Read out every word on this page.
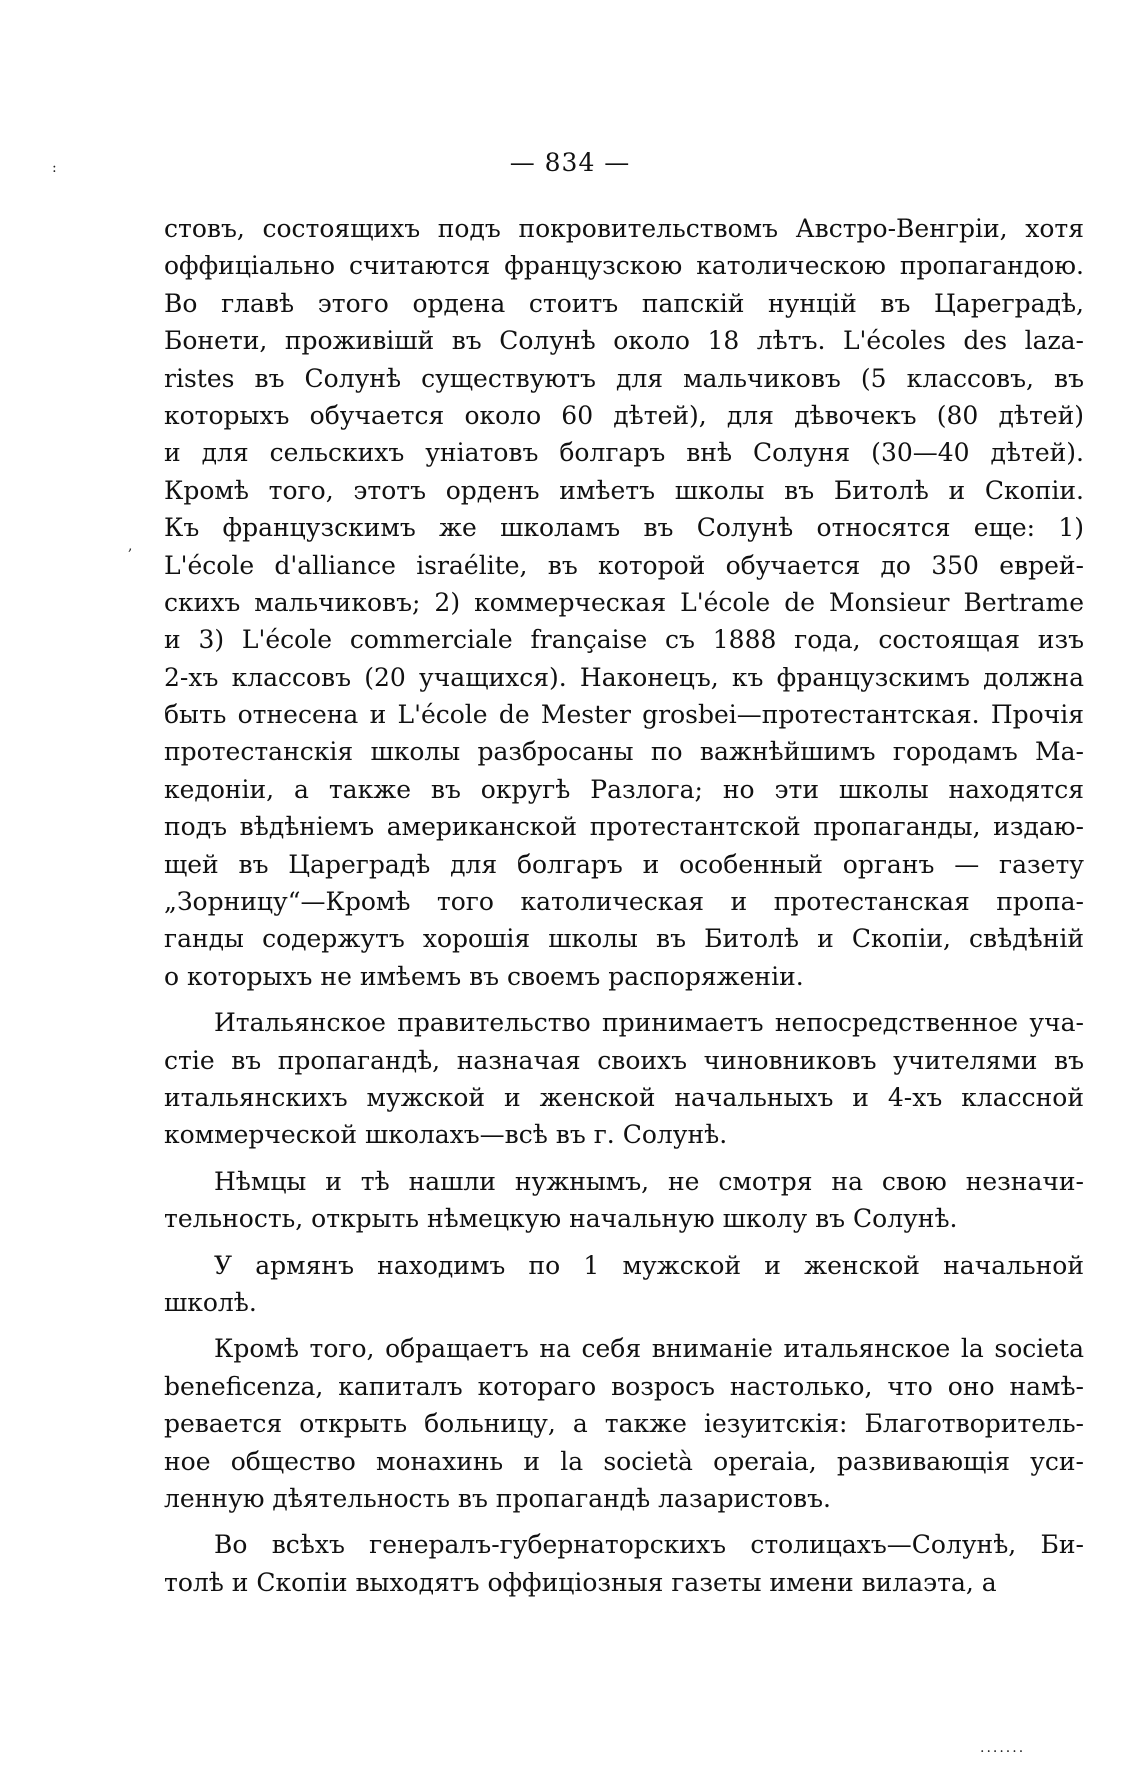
— 834 —
:
,
.......
стовъ, состоящихъ подъ покровительствомъ Австро-Венгріи, хотя
оффиціально считаются французскою католическою пропагандою.
Во главѣ этого ордена стоитъ папскій нунцій въ Цареградѣ,
Бонети, проживішй въ Солунѣ около 18 лѣтъ. L'écoles des laza-
ristes въ Солунѣ существуютъ для мальчиковъ (5 классовъ, въ
которыхъ обучается около 60 дѣтей), для дѣвочекъ (80 дѣтей)
и для сельскихъ уніатовъ болгаръ внѣ Солуня (30—40 дѣтей).
Кромѣ того, этотъ орденъ имѣетъ школы въ Битолѣ и Скопіи.
Къ французскимъ же школамъ въ Солунѣ относятся еще: 1)
L'école d'alliance israélite, въ которой обучается до 350 еврей-
скихъ мальчиковъ; 2) коммерческая L'école de Monsieur Bertrame
и 3) L'école commerciale française съ 1888 года, состоящая изъ
2-хъ классовъ (20 учащихся). Наконецъ, къ французскимъ должна
быть отнесена и L'école de Mester grosbei—протестантская. Прочія
протестанскія школы разбросаны по важнѣйшимъ городамъ Ма-
кедоніи, а также въ округѣ Разлога; но эти школы находятся
подъ вѣдѣніемъ американской протестантской пропаганды, издаю-
щей въ Цареградѣ для болгаръ и особенный органъ — газету
„Зорницу“—Кромѣ того католическая и протестанская пропа-
ганды содержутъ хорошія школы въ Битолѣ и Скопіи, свѣдѣній
о которыхъ не имѣемъ въ своемъ распоряженіи.
Итальянское правительство принимаетъ непосредственное уча-
стіе въ пропагандѣ, назначая своихъ чиновниковъ учителями въ
итальянскихъ мужской и женской начальныхъ и 4-хъ классной
коммерческой школахъ—всѣ въ г. Солунѣ.
Нѣмцы и тѣ нашли нужнымъ, не смотря на свою незначи-
тельность, открыть нѣмецкую начальную школу въ Солунѣ.
У армянъ находимъ по 1 мужской и женской начальной
школѣ.
Кромѣ того, обращаетъ на себя вниманіе итальянское la societa
beneficenza, капиталъ котораго возросъ настолько, что оно намѣ-
ревается открыть больницу, а также іезуитскія: Благотворитель-
ное общество монахинь и la società operaia, развивающія уси-
ленную дѣятельность въ пропагандѣ лазаристовъ.
Во всѣхъ генералъ-губернаторскихъ столицахъ—Солунѣ, Би-
толѣ и Скопіи выходятъ оффиціозныя газеты имени вилаэта, а
